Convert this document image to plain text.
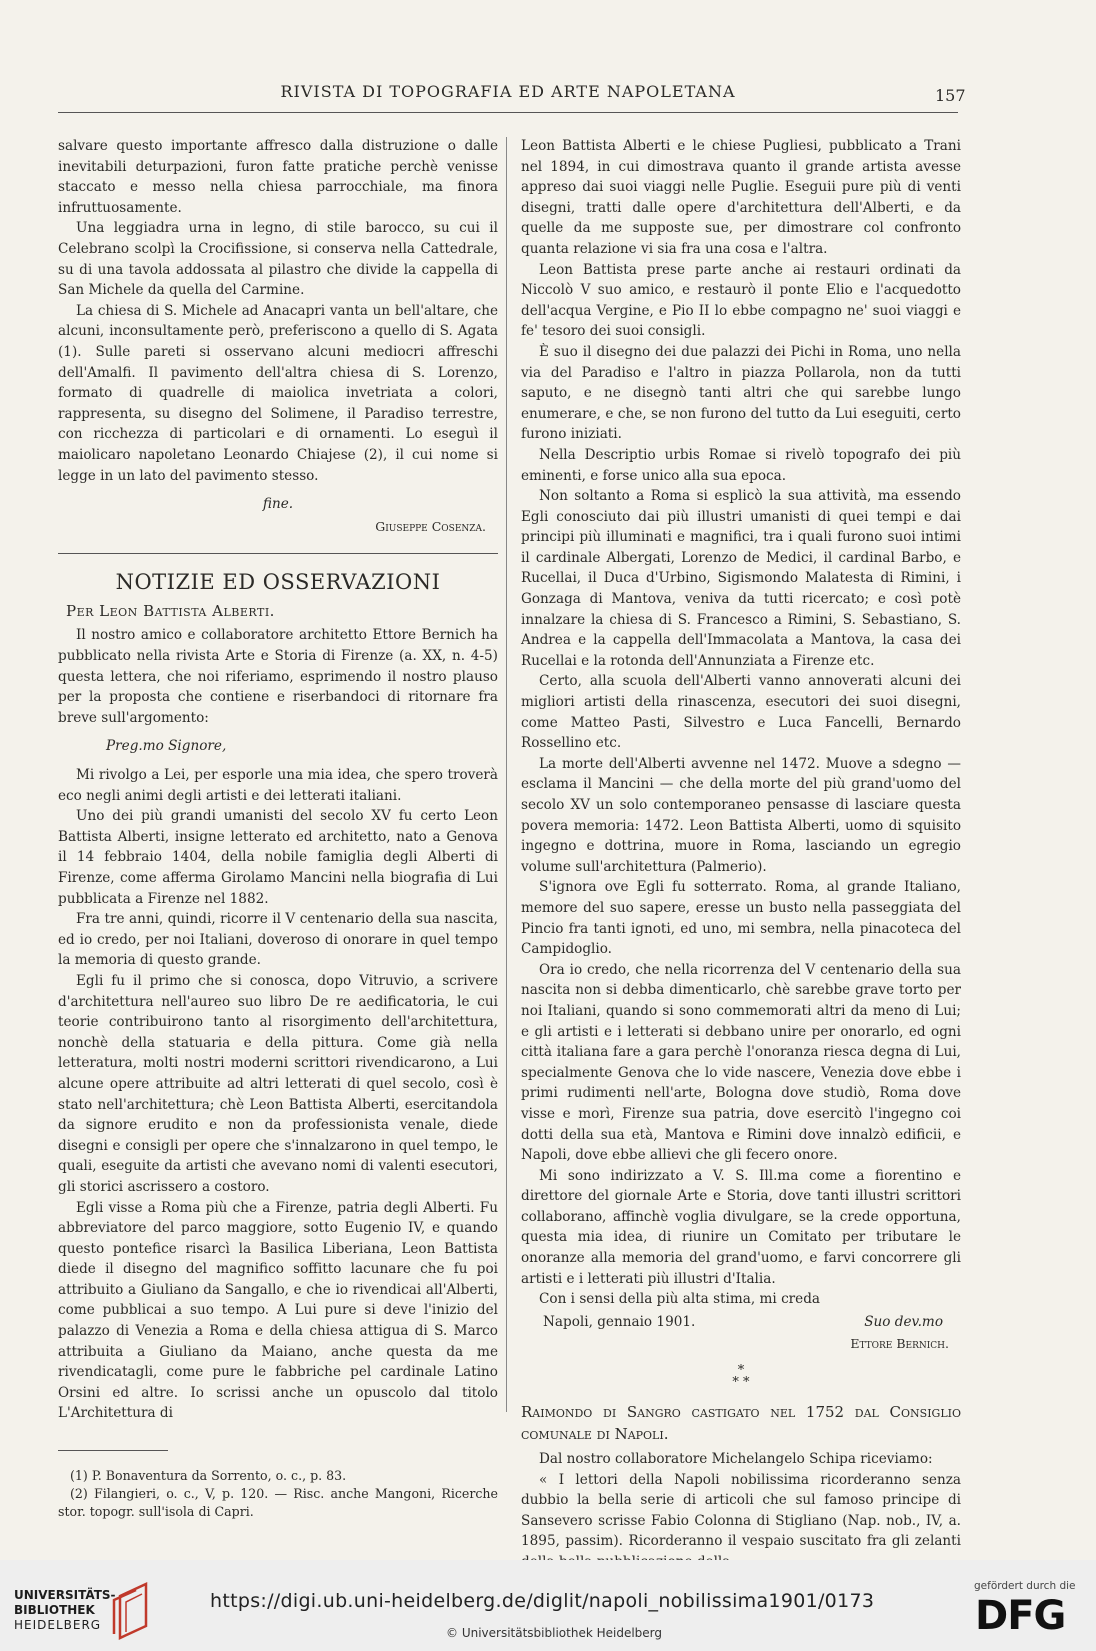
RIVISTA DI TOPOGRAFIA ED ARTE NAPOLETANA	157

salvare questo importante affresco dalla distruzione o dalle inevitabili deturpazioni, furon fatte pratiche perchè venisse staccato e messo nella chiesa parrocchiale, ma finora infruttuosamente.

Una leggiadra urna in legno, di stile barocco, su cui il Celebrano scolpì la Crocifissione, si conserva nella Cattedrale, su di una tavola addossata al pilastro che divide la cappella di San Michele da quella del Carmine.

La chiesa di S. Michele ad Anacapri vanta un bell'altare, che alcuni, inconsultamente però, preferiscono a quello di S. Agata (1). Sulle pareti si osservano alcuni mediocri affreschi dell'Amalfi. Il pavimento dell'altra chiesa di S. Lorenzo, formato di quadrelle di maiolica invetriata a colori, rappresenta, su disegno del Solimene, il Paradiso terrestre, con ricchezza di particolari e di ornamenti. Lo eseguì il maiolicaro napoletano Leonardo Chiajese (2), il cui nome si legge in un lato del pavimento stesso.

fine.
Giuseppe Cosenza.
NOTIZIE ED OSSERVAZIONI
Per Leon Battista Alberti.

Il nostro amico e collaboratore architetto Ettore Bernich ha pubblicato nella rivista Arte e Storia di Firenze (a. XX, n. 4-5) questa lettera, che noi riferiamo, esprimendo il nostro plauso per la proposta che contiene e riserbandoci di ritornare fra breve sull'argomento:

Preg.mo Signore,

Mi rivolgo a Lei, per esporle una mia idea, che spero troverà eco negli animi degli artisti e dei letterati italiani.

Uno dei più grandi umanisti del secolo XV fu certo Leon Battista Alberti, insigne letterato ed architetto, nato a Genova il 14 febbraio 1404, della nobile famiglia degli Alberti di Firenze, come afferma Girolamo Mancini nella biografia di Lui pubblicata a Firenze nel 1882.

Fra tre anni, quindi, ricorre il V centenario della sua nascita, ed io credo, per noi Italiani, doveroso di onorare in quel tempo la memoria di questo grande.

Egli fu il primo che si conosca, dopo Vitruvio, a scrivere d'architettura nell'aureo suo libro De re aedificatoria, le cui teorie contribuirono tanto al risorgimento dell'architettura, nonchè della statuaria e della pittura. Come già nella letteratura, molti nostri moderni scrittori rivendicarono, a Lui alcune opere attribuite ad altri letterati di quel secolo, così è stato nell'architettura; chè Leon Battista Alberti, esercitandola da signore erudito e non da professionista venale, diede disegni e consigli per opere che s'innalzarono in quel tempo, le quali, eseguite da artisti che avevano nomi di valenti esecutori, gli storici ascrissero a costoro.

Egli visse a Roma più che a Firenze, patria degli Alberti. Fu abbreviatore del parco maggiore, sotto Eugenio IV, e quando questo pontefice risarcì la Basilica Liberiana, Leon Battista diede il disegno del magnifico soffitto lacunare che fu poi attribuito a Giuliano da Sangallo, e che io rivendicai all'Alberti, come pubblicai a suo tempo. A Lui pure si deve l'inizio del palazzo di Venezia a Roma e della chiesa attigua di S. Marco attribuita a Giuliano da Maiano, anche questa da me rivendicatagli, come pure le fabbriche pel cardinale Latino Orsini ed altre. Io scrissi anche un opuscolo dal titolo L'Architettura di

(1) P. Bonaventura da Sorrento, o. c., p. 83.

(2) Filangieri, o. c., V, p. 120. — Risc. anche Mangoni, Ricerche stor. topogr. sull'isola di Capri.

Leon Battista Alberti e le chiese Pugliesi, pubblicato a Trani nel 1894, in cui dimostrava quanto il grande artista avesse appreso dai suoi viaggi nelle Puglie. Eseguii pure più di venti disegni, tratti dalle opere d'architettura dell'Alberti, e da quelle da me supposte sue, per dimostrare col confronto quanta relazione vi sia fra una cosa e l'altra.

Leon Battista prese parte anche ai restauri ordinati da Niccolò V suo amico, e restaurò il ponte Elio e l'acquedotto dell'acqua Vergine, e Pio II lo ebbe compagno ne' suoi viaggi e fe' tesoro dei suoi consigli.

È suo il disegno dei due palazzi dei Pichi in Roma, uno nella via del Paradiso e l'altro in piazza Pollarola, non da tutti saputo, e ne disegnò tanti altri che qui sarebbe lungo enumerare, e che, se non furono del tutto da Lui eseguiti, certo furono iniziati.

Nella Descriptio urbis Romae si rivelò topografo dei più eminenti, e forse unico alla sua epoca.

Non soltanto a Roma si esplicò la sua attività, ma essendo Egli conosciuto dai più illustri umanisti di quei tempi e dai principi più illuminati e magnifici, tra i quali furono suoi intimi il cardinale Albergati, Lorenzo de Medici, il cardinal Barbo, e Rucellai, il Duca d'Urbino, Sigismondo Malatesta di Rimini, i Gonzaga di Mantova, veniva da tutti ricercato; e così potè innalzare la chiesa di S. Francesco a Rimini, S. Sebastiano, S. Andrea e la cappella dell'Immacolata a Mantova, la casa dei Rucellai e la rotonda dell'Annunziata a Firenze etc.

Certo, alla scuola dell'Alberti vanno annoverati alcuni dei migliori artisti della rinascenza, esecutori dei suoi disegni, come Matteo Pasti, Silvestro e Luca Fancelli, Bernardo Rossellino etc.

La morte dell'Alberti avvenne nel 1472. Muove a sdegno — esclama il Mancini — che della morte del più grand'uomo del secolo XV un solo contemporaneo pensasse di lasciare questa povera memoria: 1472. Leon Battista Alberti, uomo di squisito ingegno e dottrina, muore in Roma, lasciando un egregio volume sull'architettura (Palmerio).

S'ignora ove Egli fu sotterrato. Roma, al grande Italiano, memore del suo sapere, eresse un busto nella passeggiata del Pincio fra tanti ignoti, ed uno, mi sembra, nella pinacoteca del Campidoglio.

Ora io credo, che nella ricorrenza del V centenario della sua nascita non si debba dimenticarlo, chè sarebbe grave torto per noi Italiani, quando si sono commemorati altri da meno di Lui; e gli artisti e i letterati si debbano unire per onorarlo, ed ogni città italiana fare a gara perchè l'onoranza riesca degna di Lui, specialmente Genova che lo vide nascere, Venezia dove ebbe i primi rudimenti nell'arte, Bologna dove studiò, Roma dove visse e morì, Firenze sua patria, dove esercitò l'ingegno coi dotti della sua età, Mantova e Rimini dove innalzò edificii, e Napoli, dove ebbe allievi che gli fecero onore.

Mi sono indirizzato a V. S. Ill.ma come a fiorentino e direttore del giornale Arte e Storia, dove tanti illustri scrittori collaborano, affinchè voglia divulgare, se la crede opportuna, questa mia idea, di riunire un Comitato per tributare le onoranze alla memoria del grand'uomo, e farvi concorrere gli artisti e i letterati più illustri d'Italia.

Con i sensi della più alta stima, mi creda

Napoli, gennaio 1901.	Suo dev.mo
Ettore Bernich.
*
* *
Raimondo di Sangro castigato nel 1752 dal Consiglio comunale di Napoli.

Dal nostro collaboratore Michelangelo Schipa riceviamo:

« I lettori della Napoli nobilissima ricorderanno senza dubbio la bella serie di articoli che sul famoso principe di Sansevero scrisse Fabio Colonna di Stigliano (Nap. nob., IV, a. 1895, passim). Ricorderanno il vespaio suscitato fra gli zelanti

UNIVERSITÄTS-
BIBLIOTHEK
HEIDELBERG
https://digi.ub.uni-heidelberg.de/diglit/napoli_nobilissima1901/0173
© Universitätsbibliothek Heidelberg
gefördert durch die
DFG
